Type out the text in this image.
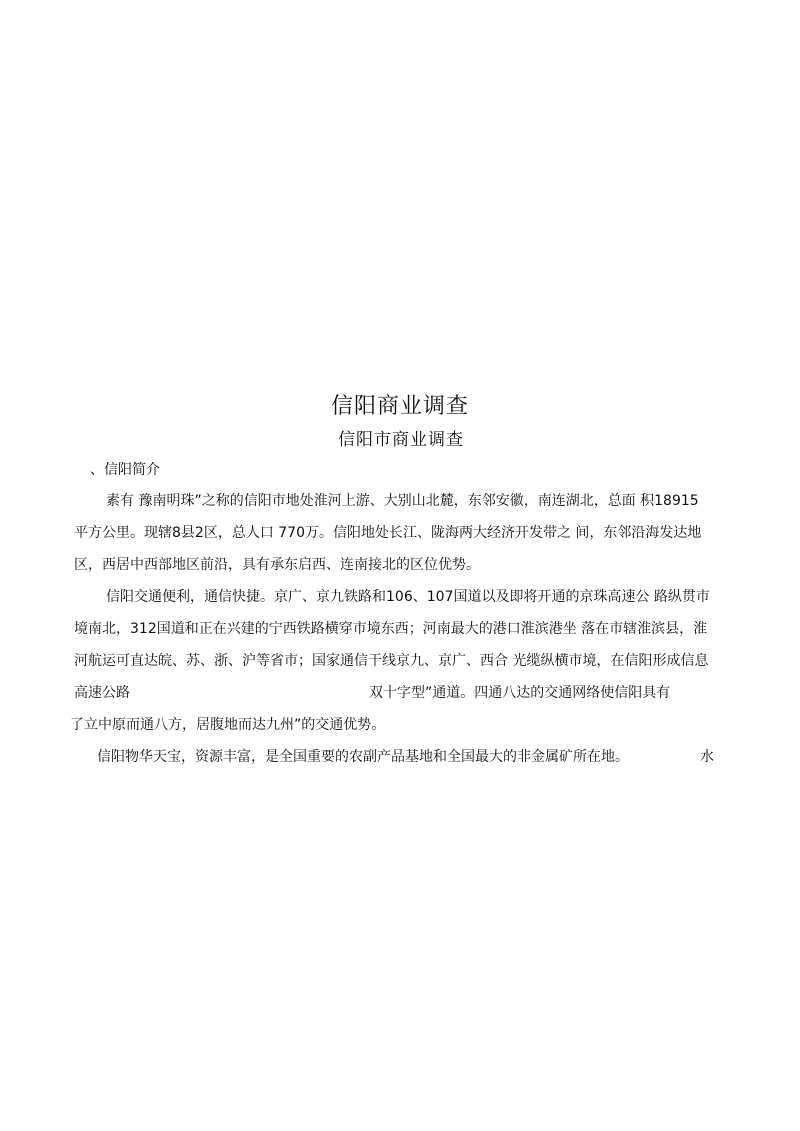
信阳商业调查
信阳市商业调查
、信阳简介
素有 豫南明珠”之称的信阳市地处淮河上游、大别山北麓，东邻安徽，南连湖北，总面 积18915
平方公里。现辖8县2区，总人口 770万。信阳地处长江、陇海两大经济开发带之 间，东邻沿海发达地
区，西居中西部地区前沿，具有承东启西、连南接北的区位优势。
信阳交通便利，通信快捷。京广、京九铁路和106、107国道以及即将开通的京珠高速公 路纵贯市
境南北，312国道和正在兴建的宁西铁路横穿市境东西；河南最大的港口淮滨港坐 落在市辖淮滨县，淮
河航运可直达皖、苏、浙、沪等省市；国家通信干线京九、京广、西合 光缆纵横市境，在信阳形成信息
高速公路	双十字型”通道。四通八达的交通网络使信阳具有
了立中原而通八方，居腹地而达九州”的交通优势。
信阳物华天宝，资源丰富，是全国重要的农副产品基地和全国最大的非金属矿所在地。	水
